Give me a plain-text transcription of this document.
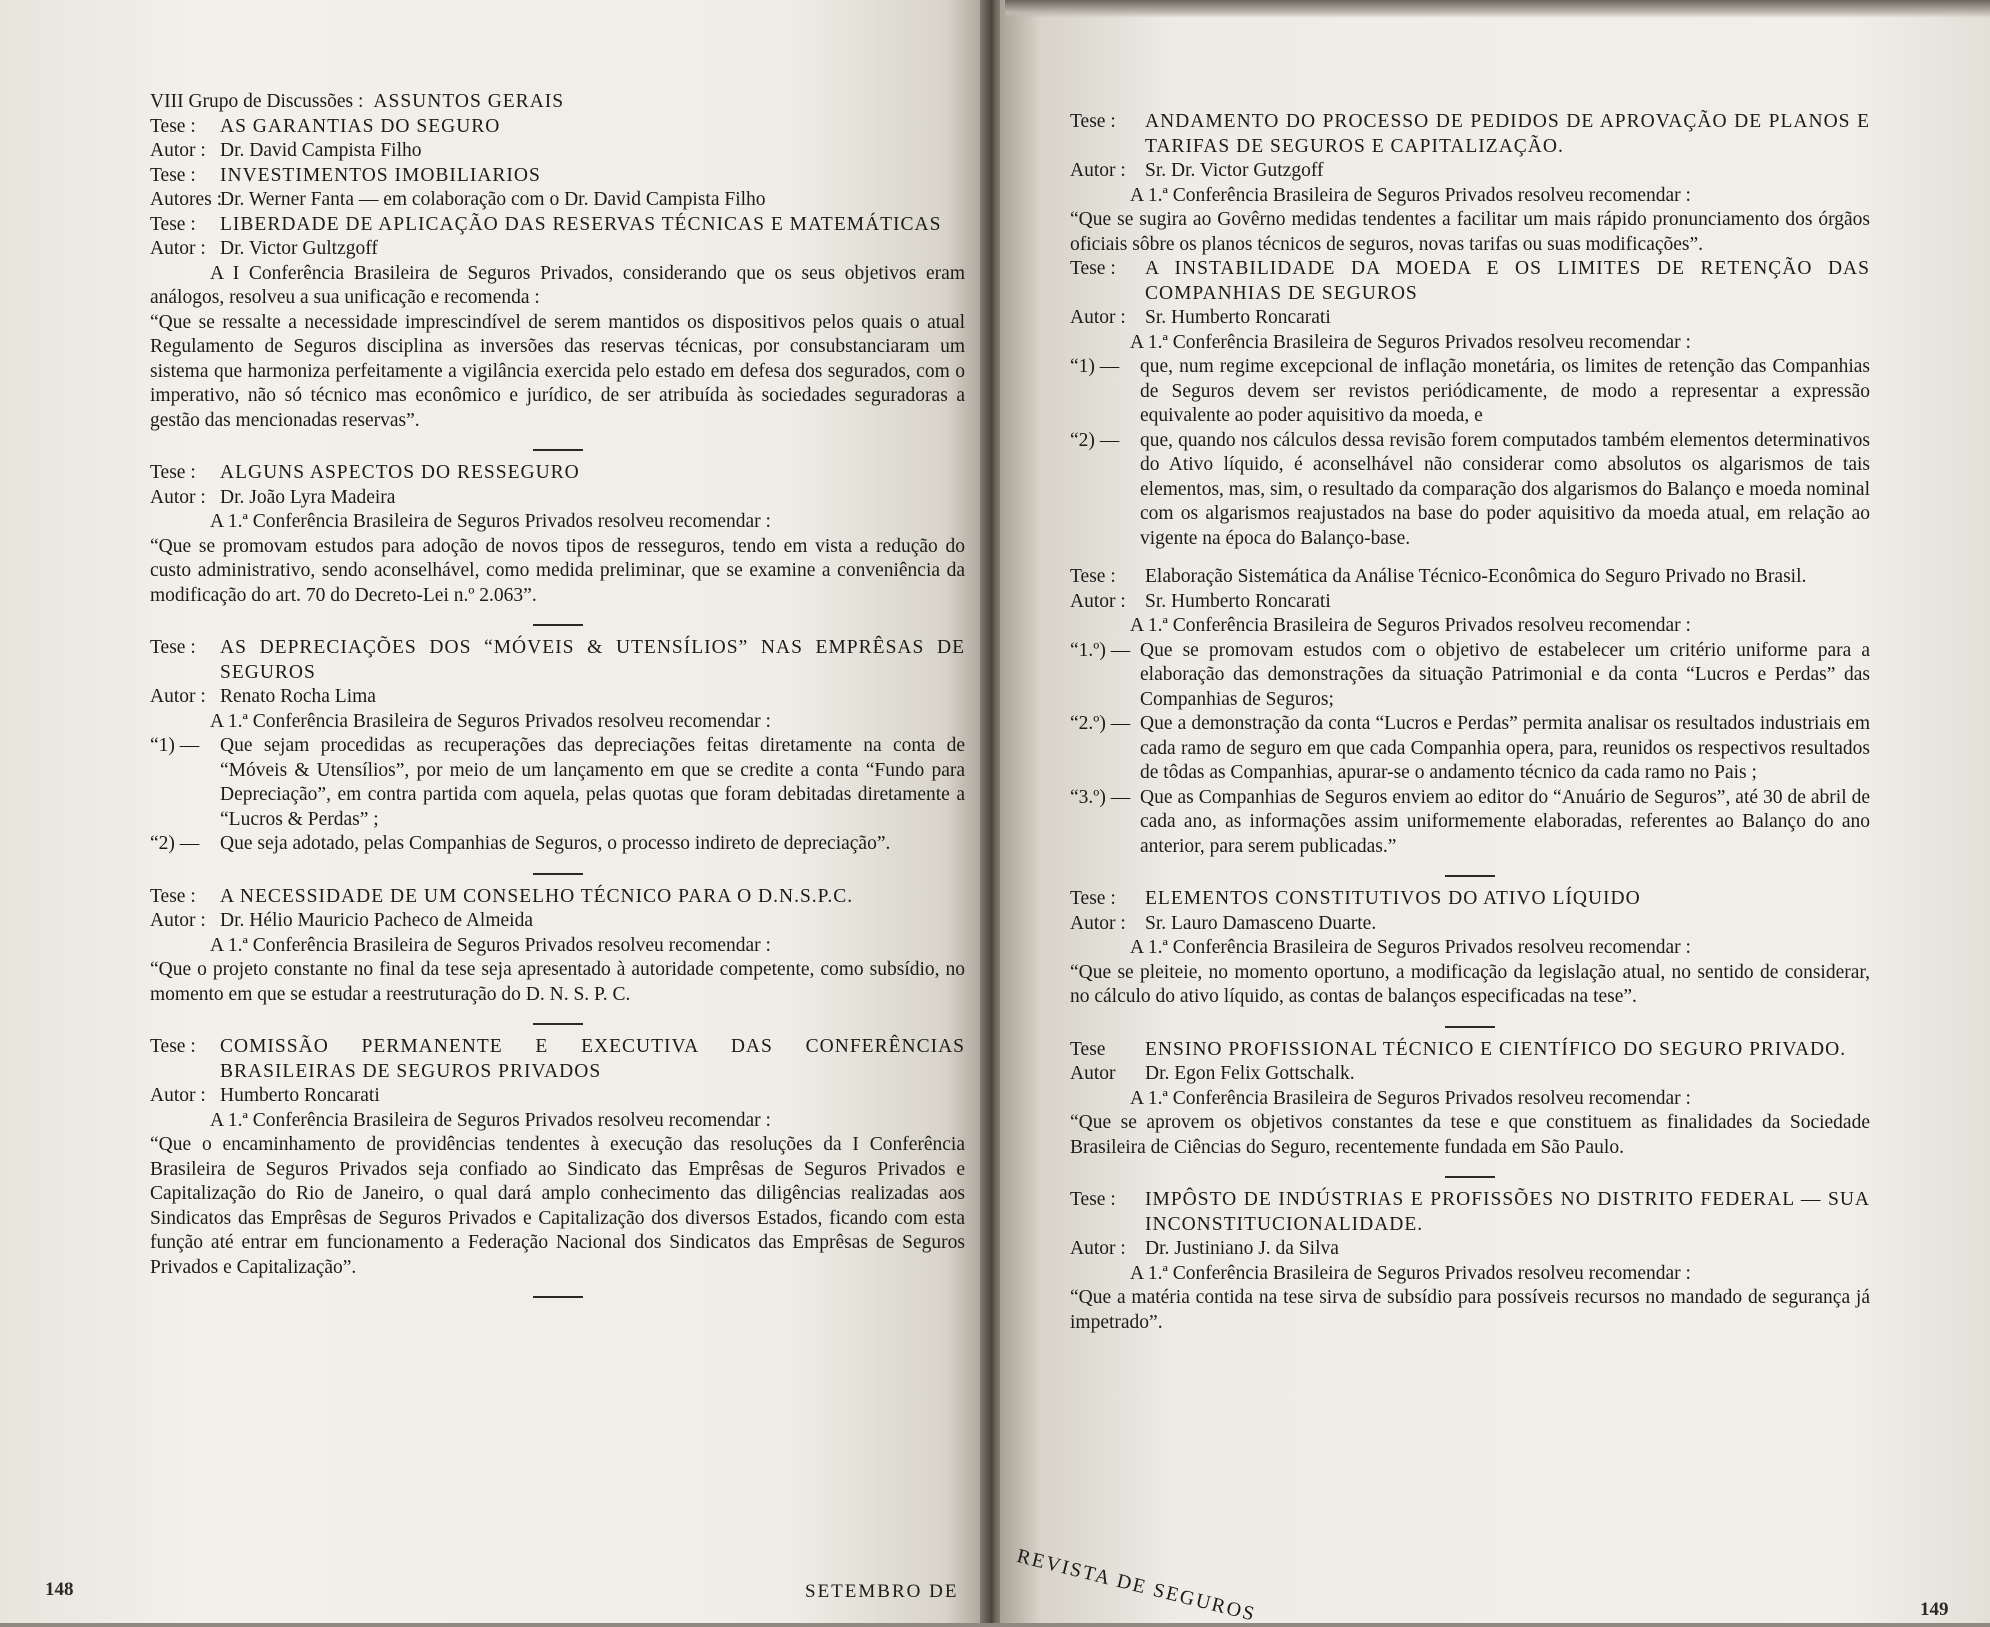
VIII Grupo de Discussões : ASSUNTOS GERAIS
Tese :	AS GARANTIAS DO SEGURO
Autor : Dr. David Campista Filho
Tese :	INVESTIMENTOS IMOBILIARIOS
Autores :
Dr. Werner Fanta — em colaboração com o Dr. David Campista Filho
Tese :	LIBERDADE DE APLICAÇÃO DAS RESERVAS TÉCNICAS E MATEMÁTICAS
Autor : Dr. Victor Gultzgoff

A I Conferência Brasileira de Seguros Privados, considerando que os seus objetivos eram análogos, resolveu a sua unificação e recomenda :

“Que se ressalte a necessidade imprescindível de serem mantidos os dispositivos pelos quais o atual Regulamento de Seguros disciplina as inversões das reservas técnicas, por consubstanciaram um sistema que harmoniza perfeitamente a vigilância exercida pelo estado em defesa dos segurados, com o imperativo, não só técnico mas econômico e jurídico, de ser atribuída às sociedades seguradoras a gestão das mencionadas reservas”.

Tese :	ALGUNS ASPECTOS DO RESSEGURO
Autor : Dr. João Lyra Madeira

A 1.ª Conferência Brasileira de Seguros Privados resolveu recomendar :

“Que se promovam estudos para adoção de novos tipos de resseguros, tendo em vista a redução do custo administrativo, sendo aconselhável, como medida preliminar, que se examine a conveniência da modificação do art. 70 do Decreto-Lei n.º 2.063”.

Tese :	AS DEPRECIAÇÕES DOS “MÓVEIS & UTENSÍLIOS” NAS EMPRÊSAS DE SEGUROS
Autor : Renato Rocha Lima

A 1.ª Conferência Brasileira de Seguros Privados resolveu recomendar :

“1) —	Que sejam procedidas as recuperações das depreciações feitas diretamente na conta de “Móveis & Utensílios”, por meio de um lançamento em que se credite a conta “Fundo para Depreciação”, em contra partida com aquela, pelas quotas que foram debitadas diretamente a “Lucros & Perdas” ;
“2) —	Que seja adotado, pelas Companhias de Seguros, o processo indireto de depreciação”.
Tese :	A NECESSIDADE DE UM CONSELHO TÉCNICO PARA O D.N.S.P.C.
Autor : Dr. Hélio Mauricio Pacheco de Almeida

A 1.ª Conferência Brasileira de Seguros Privados resolveu recomendar :

“Que o projeto constante no final da tese seja apresentado à autoridade competente, como subsídio, no momento em que se estudar a reestruturação do D. N. S. P. C.

Tese :	COMISSÃO PERMANENTE E EXECUTIVA DAS CONFERÊNCIAS BRASILEIRAS DE SEGUROS PRIVADOS
Autor : Humberto Roncarati

A 1.ª Conferência Brasileira de Seguros Privados resolveu recomendar :

“Que o encaminhamento de providências tendentes à execução das resoluções da I Conferência Brasileira de Seguros Privados seja confiado ao Sindicato das Emprêsas de Seguros Privados e Capitalização do Rio de Janeiro, o qual dará amplo conhecimento das diligências realizadas aos Sindicatos das Emprêsas de Seguros Privados e Capitalização dos diversos Estados, ficando com esta função até entrar em funcionamento a Federação Nacional dos Sindicatos das Emprêsas de Seguros Privados e Capitalização”.

148	SETEMBRO DE
Tese :	ANDAMENTO DO PROCESSO DE PEDIDOS DE APROVAÇÃO DE PLANOS E TARIFAS DE SEGUROS E CAPITALIZAÇÃO.
Autor : Sr. Dr. Victor Gutzgoff

A 1.ª Conferência Brasileira de Seguros Privados resolveu recomendar :

“Que se sugira ao Govêrno medidas tendentes a facilitar um mais rápido pronunciamento dos órgãos oficiais sôbre os planos técnicos de seguros, novas tarifas ou suas modificações”.

Tese :	A INSTABILIDADE DA MOEDA E OS LIMITES DE RETENÇÃO DAS COMPANHIAS DE SEGUROS
Autor : Sr. Humberto Roncarati

A 1.ª Conferência Brasileira de Seguros Privados resolveu recomendar :

“1) —	que, num regime excepcional de inflação monetária, os limites de retenção das Companhias de Seguros devem ser revistos periódicamente, de modo a representar a expressão equivalente ao poder aquisitivo da moeda, e
“2) —	que, quando nos cálculos dessa revisão forem computados também elementos determinativos do Ativo líquido, é aconselhável não considerar como absolutos os algarismos de tais elementos, mas, sim, o resultado da comparação dos algarismos do Balanço e moeda nominal com os algarismos reajustados na base do poder aquisitivo da moeda atual, em relação ao vigente na época do Balanço-base.
Tese :	Elaboração Sistemática da Análise Técnico-Econômica do Seguro Privado no Brasil.
Autor : Sr. Humberto Roncarati

A 1.ª Conferência Brasileira de Seguros Privados resolveu recomendar :

“1.º) — Que se promovam estudos com o objetivo de estabelecer um critério uniforme para a elaboração das demonstrações da situação Patrimonial e da conta “Lucros e Perdas” das Companhias de Seguros;
“2.º) — Que a demonstração da conta “Lucros e Perdas” permita analisar os resultados industriais em cada ramo de seguro em que cada Companhia opera, para, reunidos os respectivos resultados de tôdas as Companhias, apurar-se o andamento técnico da cada ramo no Pais ;
“3.º) — Que as Companhias de Seguros enviem ao editor do “Anuário de Seguros”, até 30 de abril de cada ano, as informações assim uniformemente elaboradas, referentes ao Balanço do ano anterior, para serem publicadas.”
Tese :	ELEMENTOS CONSTITUTIVOS DO ATIVO LÍQUIDO
Autor : Sr. Lauro Damasceno Duarte.

A 1.ª Conferência Brasileira de Seguros Privados resolveu recomendar :

“Que se pleiteie, no momento oportuno, a modificação da legislação atual, no sentido de considerar, no cálculo do ativo líquido, as contas de balanços especificadas na tese”.

Tese	ENSINO PROFISSIONAL TÉCNICO E CIENTÍFICO DO SEGURO PRIVADO.
Autor	Dr. Egon Felix Gottschalk.

A 1.ª Conferência Brasileira de Seguros Privados resolveu recomendar :

“Que se aprovem os objetivos constantes da tese e que constituem as finalidades da Sociedade Brasileira de Ciências do Seguro, recentemente fundada em São Paulo.

Tese :	IMPÔSTO DE INDÚSTRIAS E PROFISSÕES NO DISTRITO FEDERAL — SUA INCONSTITUCIONALIDADE.
Autor : Dr. Justiniano J. da Silva

A 1.ª Conferência Brasileira de Seguros Privados resolveu recomendar :

“Que a matéria contida na tese sirva de subsídio para possíveis recursos no mandado de segurança já impetrado”.

149
REVISTA DE SEGUROS
